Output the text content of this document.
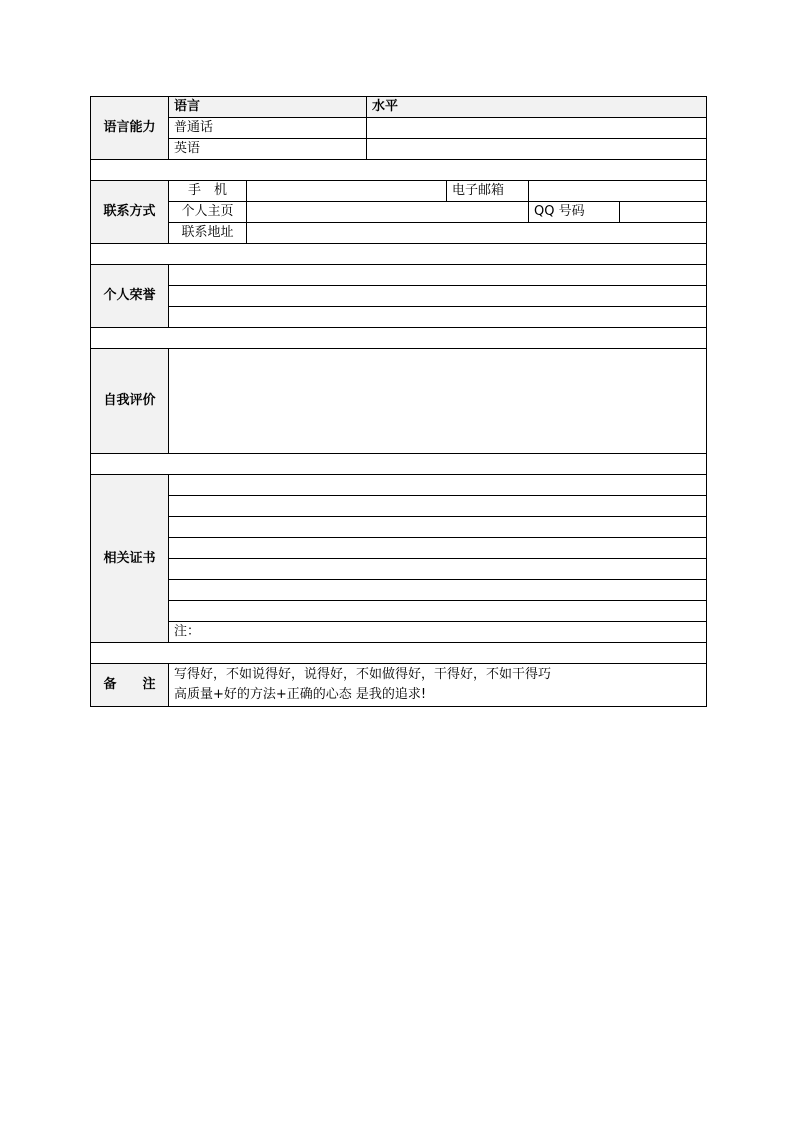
语言能力	语言		水平		
	普通话				
	英语				

联系方式	手　机			电子邮箱	
	个人主页				QQ 号码

	联系地址				

个人荣誉					

自我评价					

相关证书					

	注：				

备　　注	写得好，不如说得好，说得好，不如做得好，干得好，不如干得巧
高质量+好的方法+正确的心态 是我的追求!				
